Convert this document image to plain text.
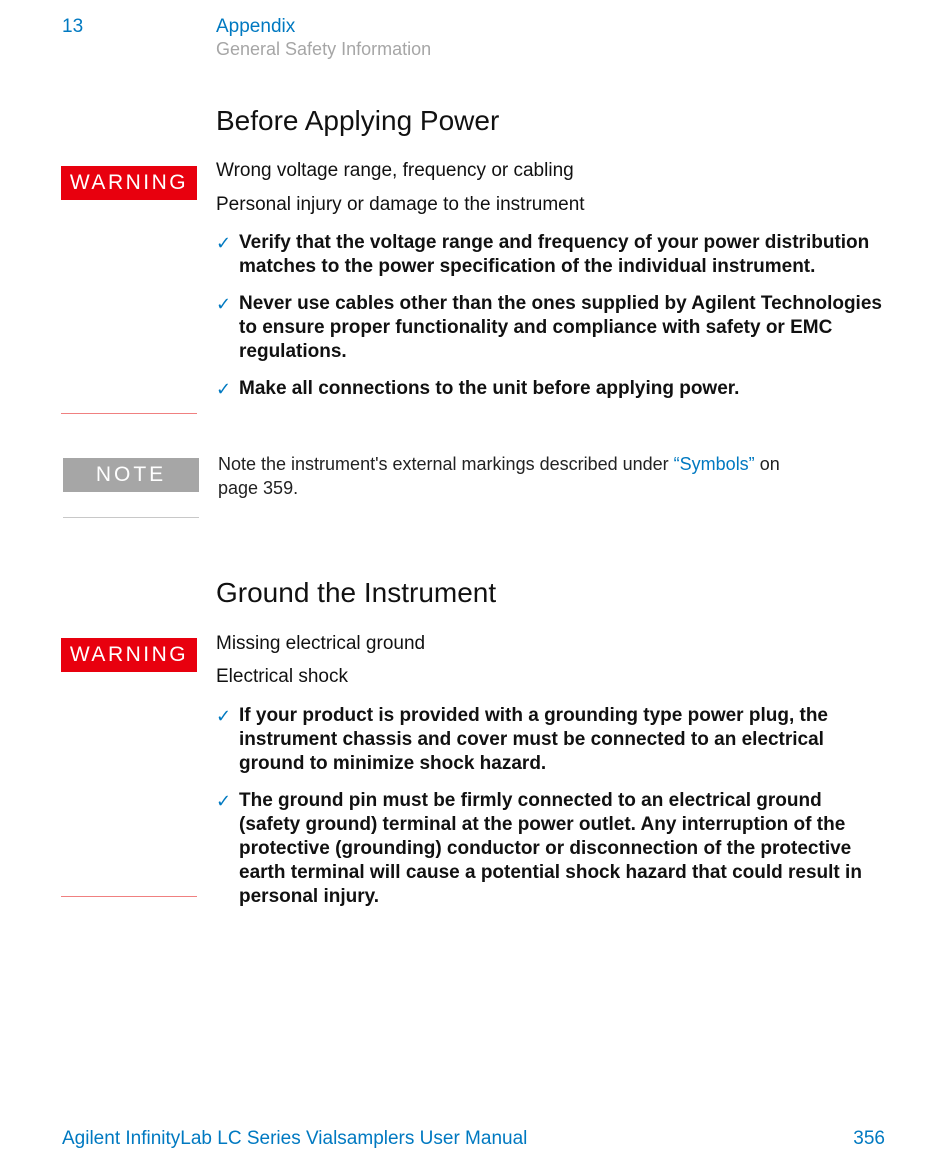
13	Appendix
General Safety Information
Before Applying Power
WARNING
Wrong voltage range, frequency or cabling
Personal injury or damage to the instrument
✓ Verify that the voltage range and frequency of your power distribution matches to the power specification of the individual instrument.
✓ Never use cables other than the ones supplied by Agilent Technologies to ensure proper functionality and compliance with safety or EMC regulations.
✓ Make all connections to the unit before applying power.
NOTE	Note the instrument's external markings described under “Symbols” on page 359.
Ground the Instrument
WARNING	Missing electrical ground
Electrical shock
✓ If your product is provided with a grounding type power plug, the instrument chassis and cover must be connected to an electrical ground to minimize shock hazard.
✓ The ground pin must be firmly connected to an electrical ground (safety ground) terminal at the power outlet. Any interruption of the protective (grounding) conductor or disconnection of the protective earth terminal will cause a potential shock hazard that could result in personal injury.
Agilent InfinityLab LC Series Vialsamplers User Manual	356
